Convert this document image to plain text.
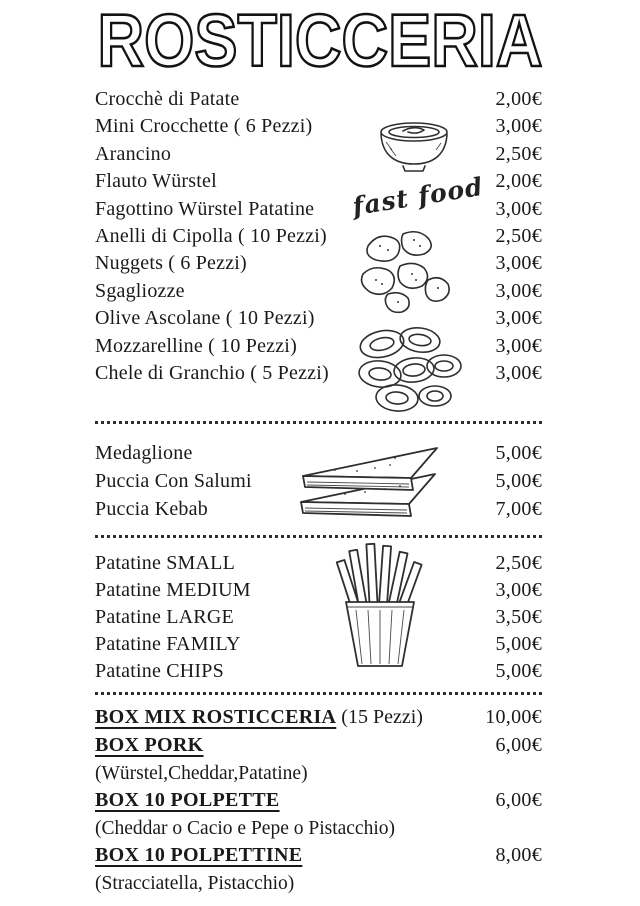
ROSTICCERIA
Crocchè di Patate	2,00€
Mini Crocchette ( 6 Pezzi)	3,00€
Arancino	2,50€
Flauto Würstel	2,00€
Fagottino Würstel Patatine	3,00€
Anelli di Cipolla ( 10 Pezzi)	2,50€
Nuggets ( 6 Pezzi)	3,00€
Sgagliozze	3,00€
Olive Ascolane ( 10 Pezzi)	3,00€
Mozzarelline ( 10 Pezzi)	3,00€
Chele di Granchio ( 5 Pezzi)	3,00€
Medaglione	5,00€
Puccia Con Salumi	5,00€
Puccia Kebab	7,00€
Patatine SMALL	2,50€
Patatine MEDIUM	3,00€
Patatine LARGE	3,50€
Patatine FAMILY	5,00€
Patatine CHIPS	5,00€
BOX MIX ROSTICCERIA (15 Pezzi)	10,00€
BOX PORK	6,00€
(Würstel,Cheddar,Patatine)
BOX 10 POLPETTE	6,00€
(Cheddar o Cacio e Pepe o Pistacchio)
BOX 10 POLPETTINE	8,00€
(Stracciatella, Pistacchio)
fast food
